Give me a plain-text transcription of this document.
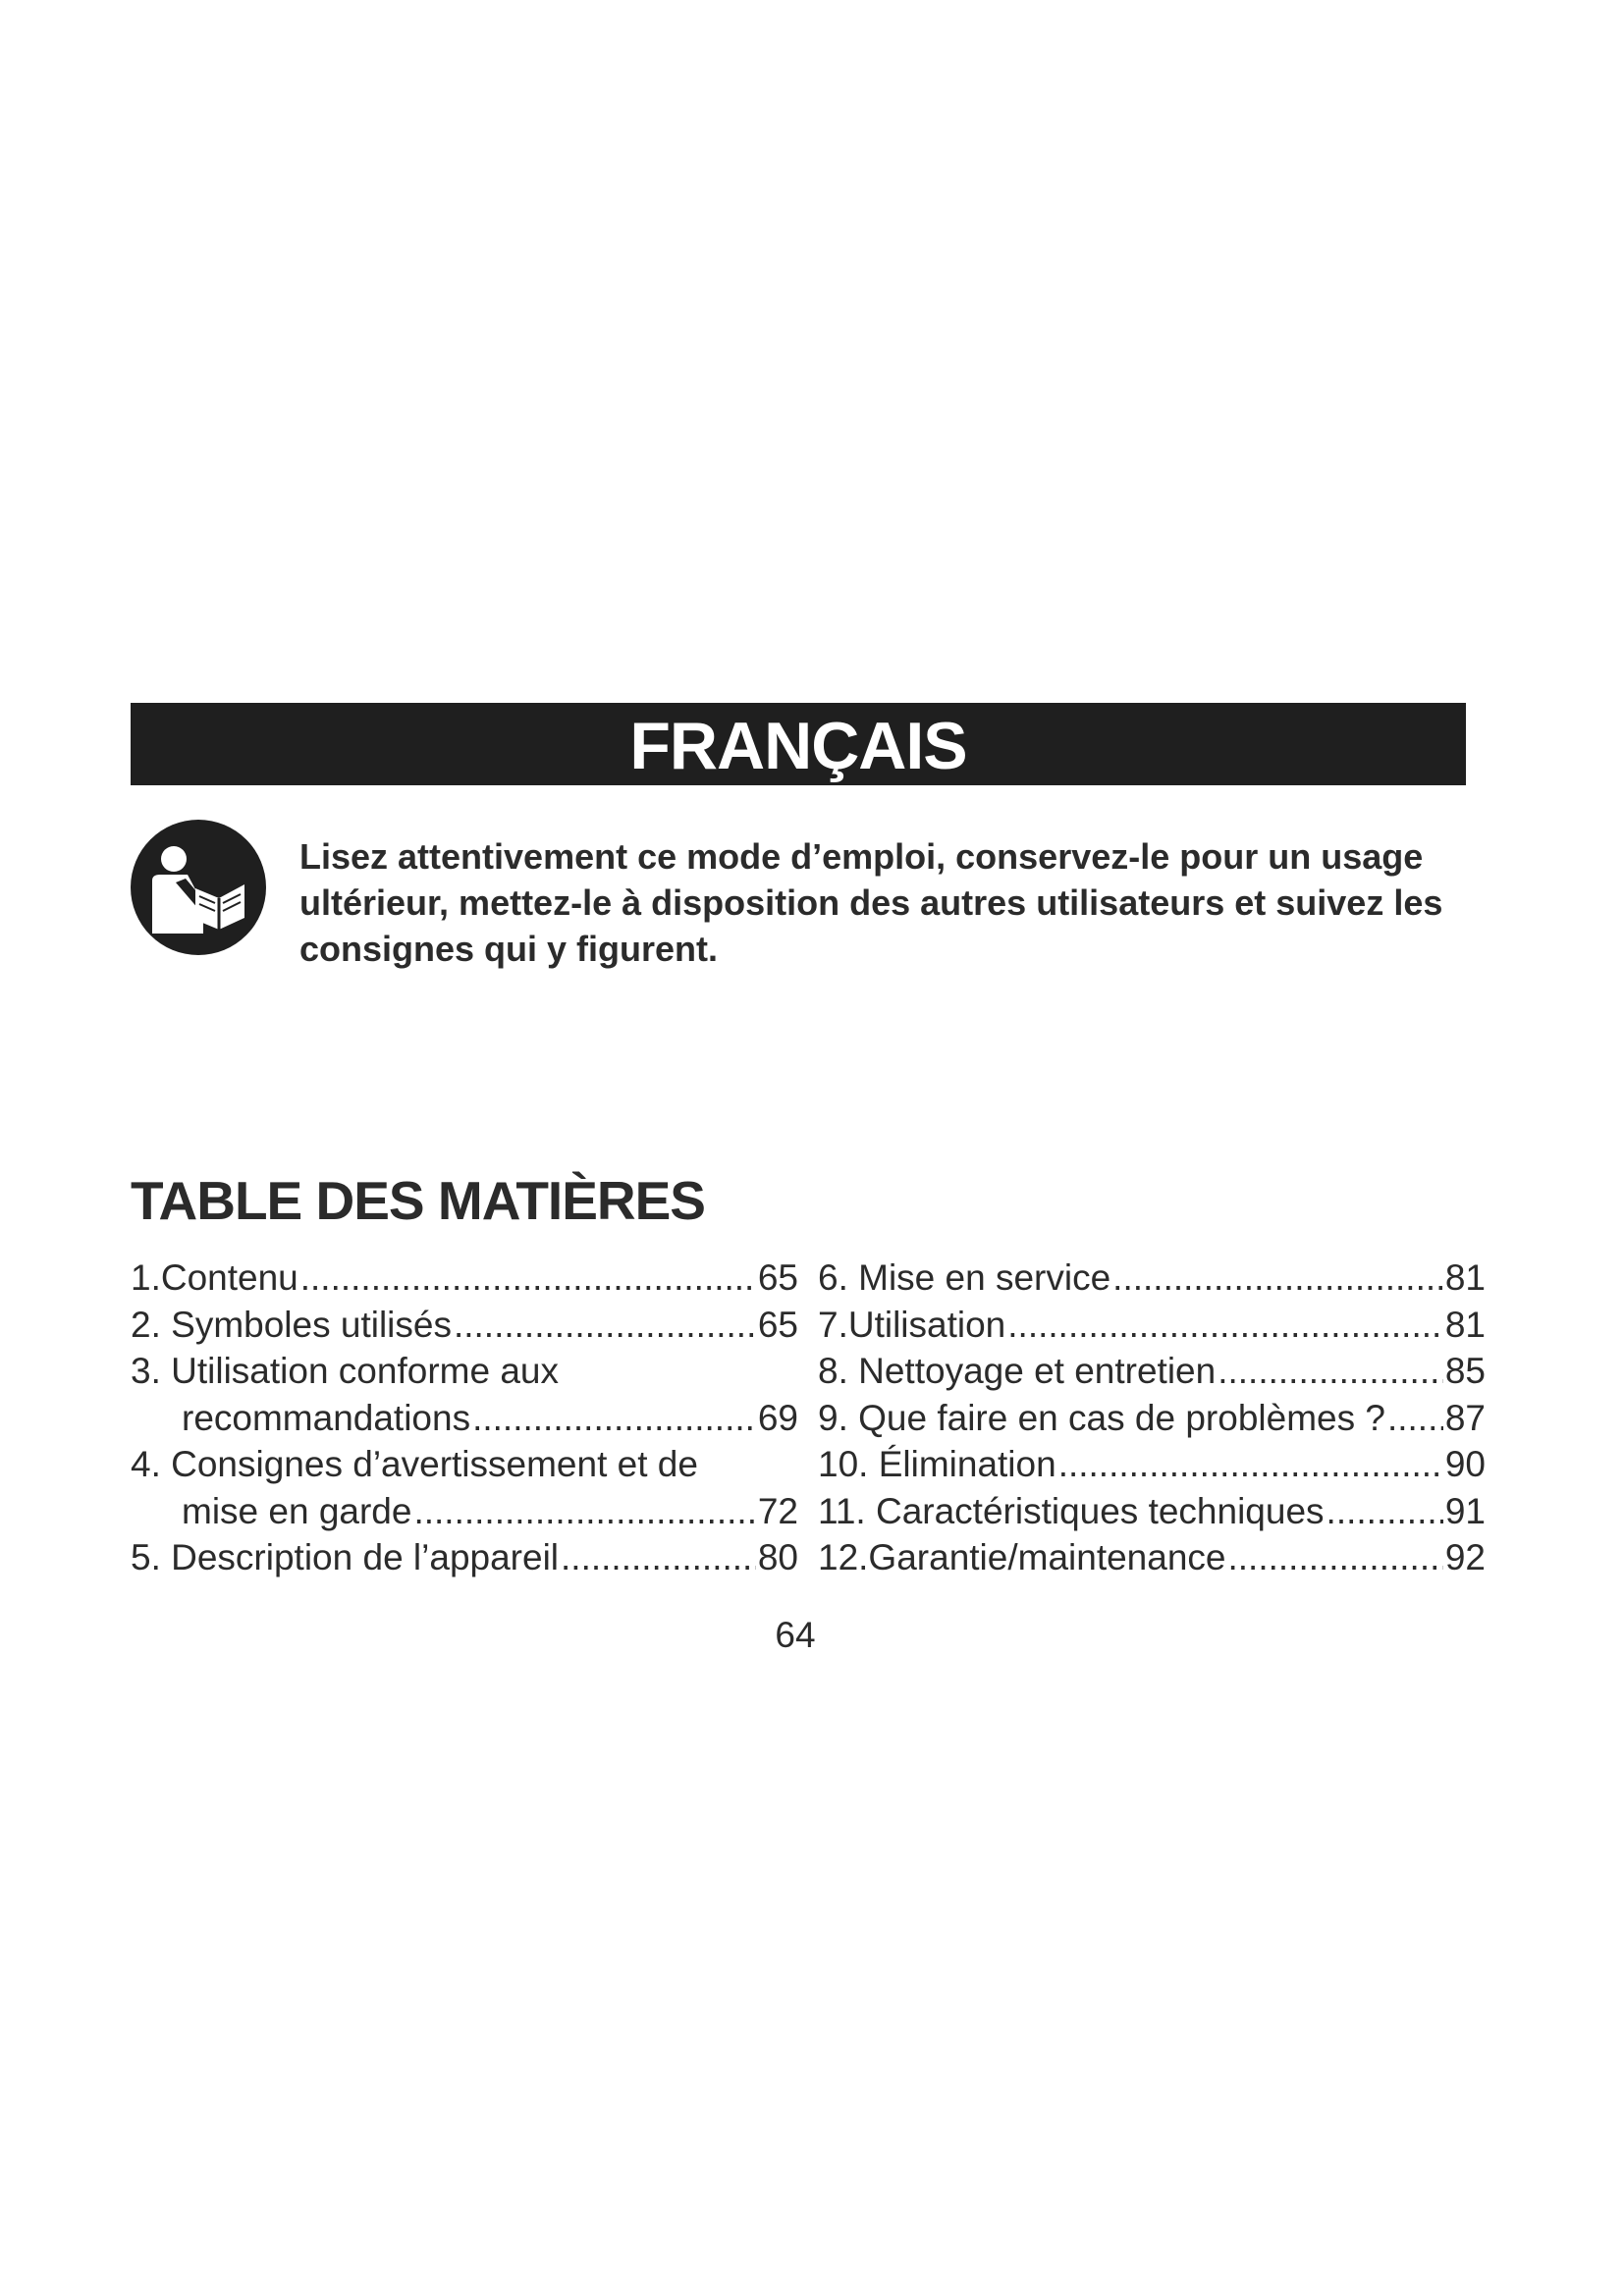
FRANÇAIS
Lisez attentivement ce mode d’emploi, conservez-le pour un usage
ultérieur, mettez-le à disposition des autres utilisateurs et suivez les
consignes qui y figurent.
TABLE DES MATIÈRES
1.Contenu .....	65
2. Symboles utilisés .....	65
3. Utilisation conforme aux
recommandations .....	69
4. Consignes d’avertissement et de
mise en garde .....	72
5. Description de l’appareil .....	80
6. Mise en service .....	81
7.Utilisation .....	81
8. Nettoyage et entretien .....	85
9. Que faire en cas de problèmes ? ..... 87
10. Élimination .....	90
11. Caractéristiques techniques .....	91
12.Garantie/maintenance .....	92
64
